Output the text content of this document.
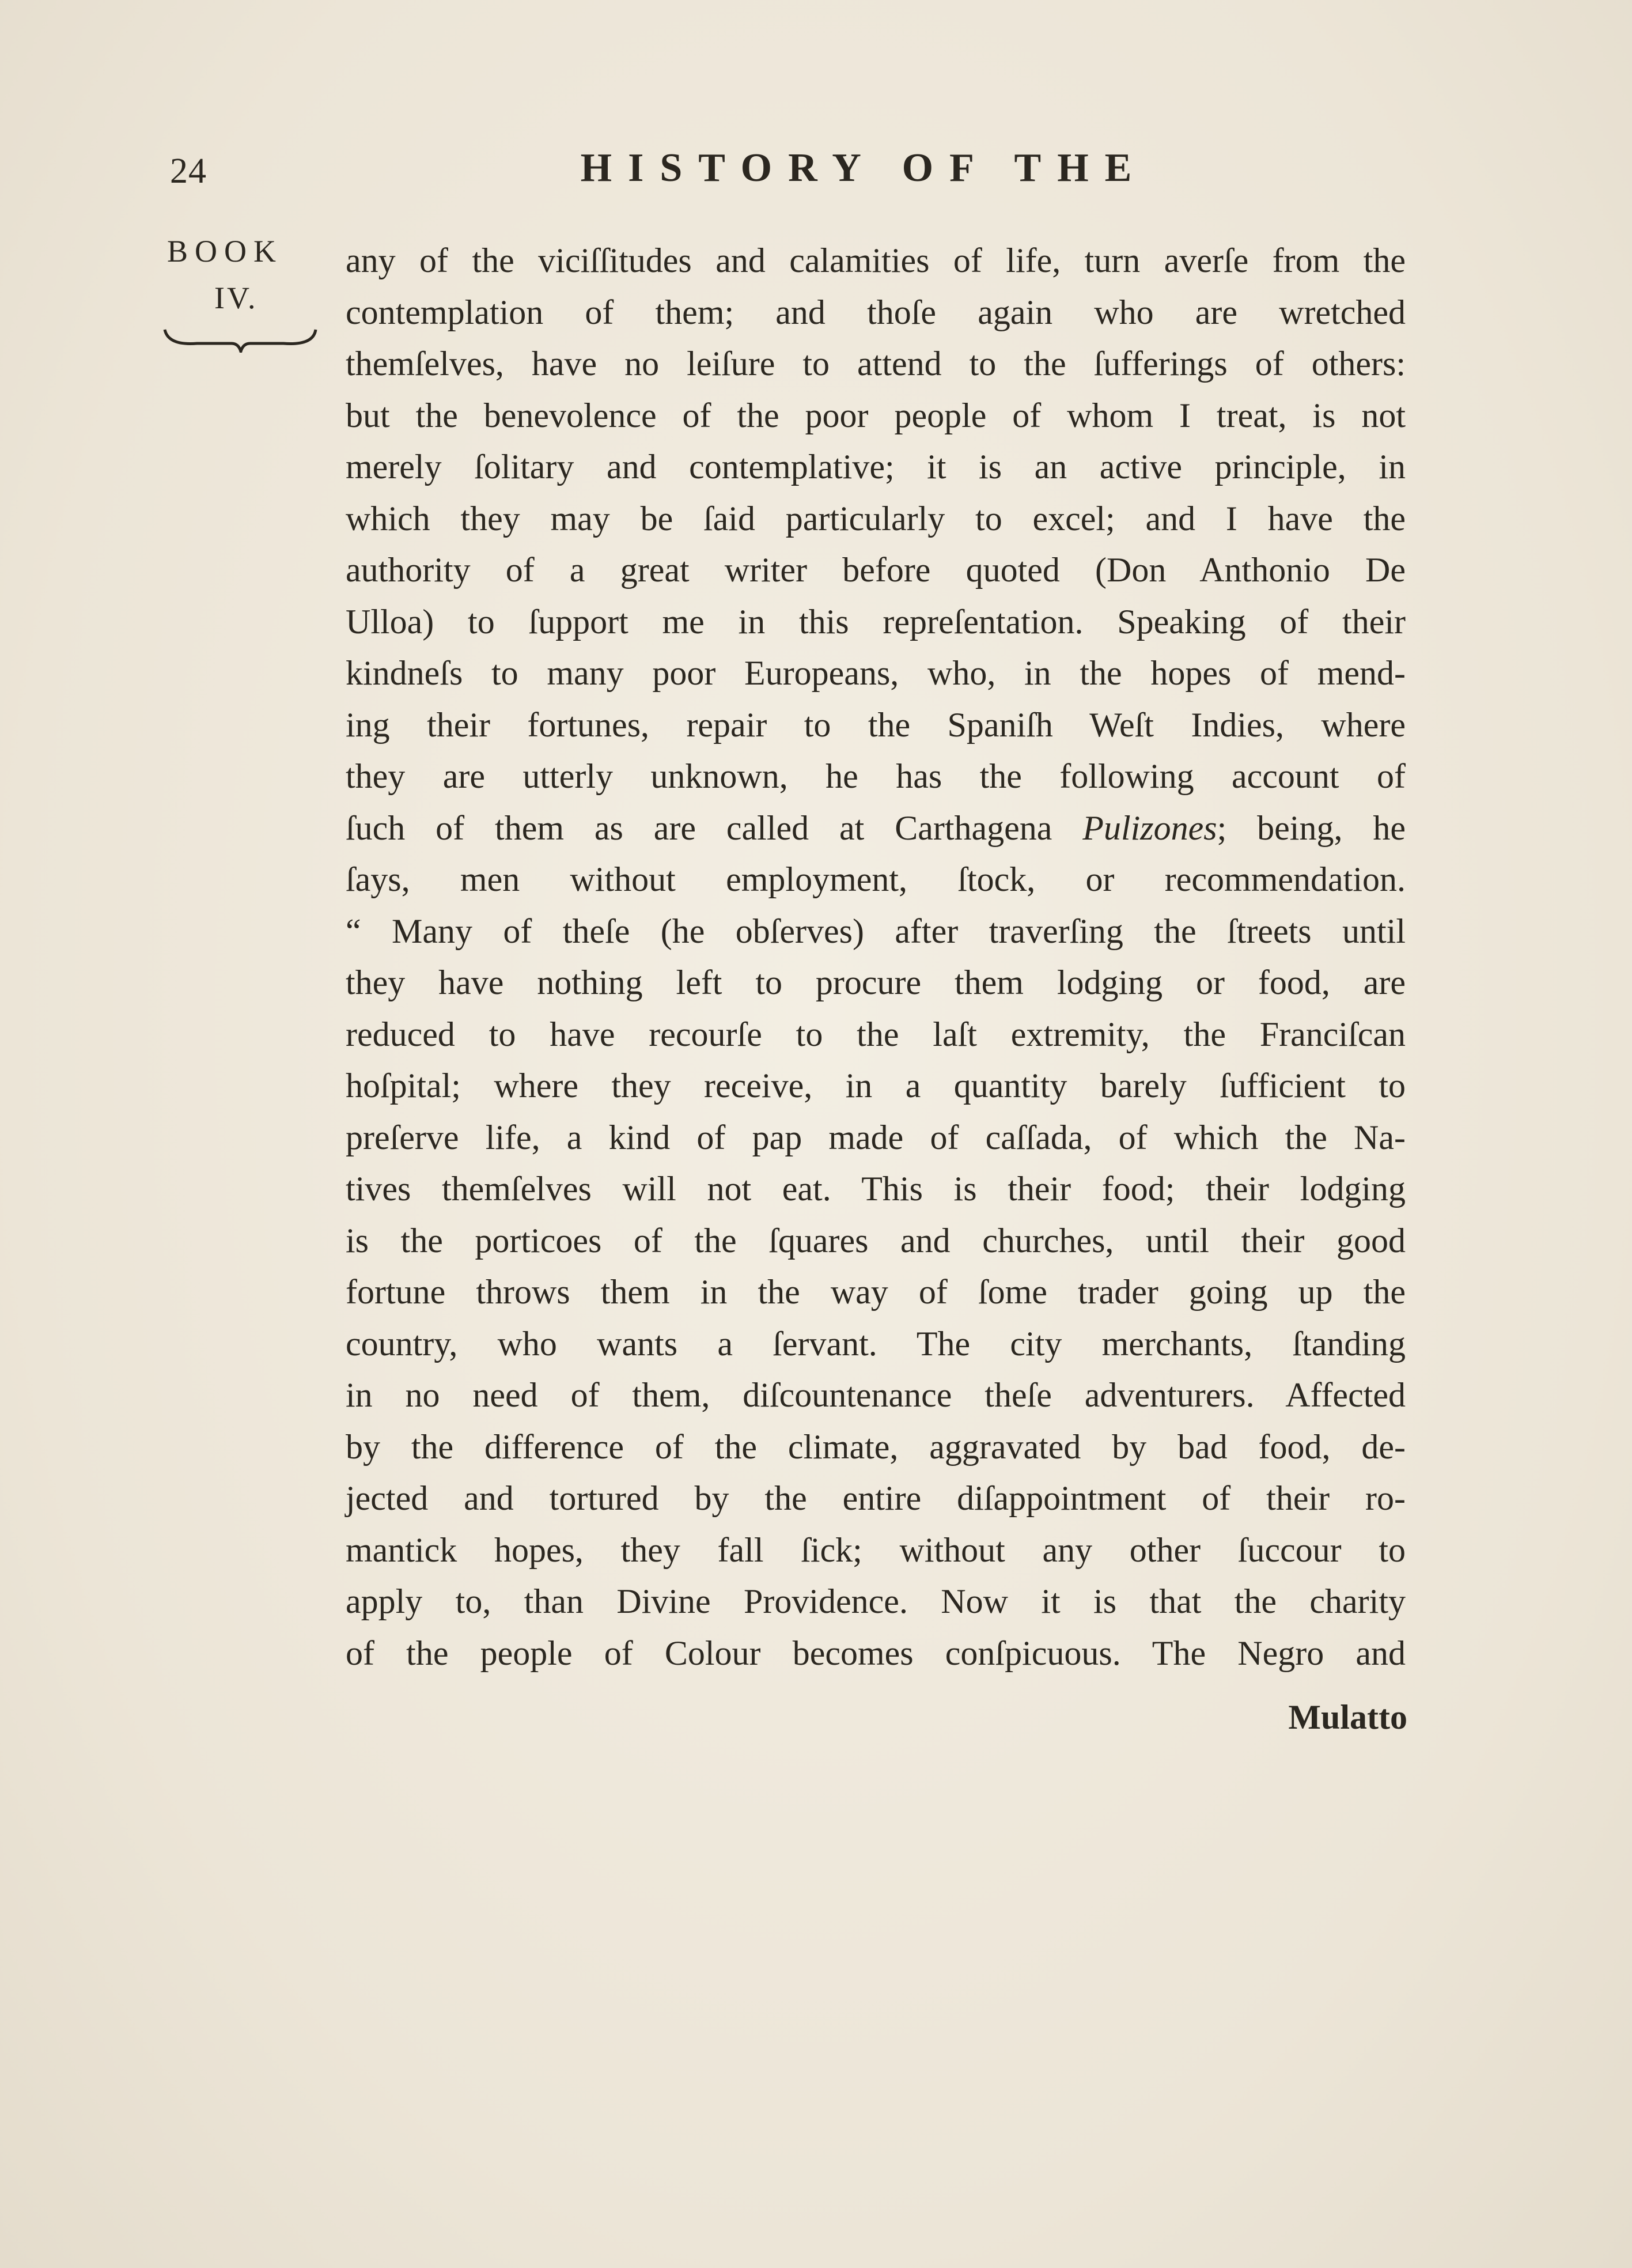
24	HISTORY OF THE
BOOK
IV.
any of the viciſſitudes and calamities of life, turn averſe from the
contemplation of them; and thoſe again who are wretched
themſelves, have no leiſure to attend to the ſufferings of others:
but the benevolence of the poor people of whom I treat, is not
merely ſolitary and contemplative; it is an active principle, in
which they may be ſaid particularly to excel; and I have the
authority of a great writer before quoted (Don Anthonio De
Ulloa) to ſupport me in this repreſentation. Speaking of their
kindneſs to many poor Europeans, who, in the hopes of mend-
ing their fortunes, repair to the Spaniſh Weſt Indies, where
they are utterly unknown, he has the following account of
ſuch of them as are called at Carthagena Pulizones; being, he
ſays, men without employment, ſtock, or recommendation.
“ Many of theſe (he obſerves) after traverſing the ſtreets until
they have nothing left to procure them lodging or food, are
reduced to have recourſe to the laſt extremity, the Franciſcan
hoſpital; where they receive, in a quantity barely ſufficient to
preſerve life, a kind of pap made of caſſada, of which the Na-
tives themſelves will not eat. This is their food; their lodging
is the porticoes of the ſquares and churches, until their good
fortune throws them in the way of ſome trader going up the
country, who wants a ſervant. The city merchants, ſtanding
in no need of them, diſcountenance theſe adventurers. Affected
by the difference of the climate, aggravated by bad food, de-
jected and tortured by the entire diſappointment of their ro-
mantick hopes, they fall ſick; without any other ſuccour to
apply to, than Divine Providence. Now it is that the charity
of the people of Colour becomes conſpicuous. The Negro and
Mulatto
